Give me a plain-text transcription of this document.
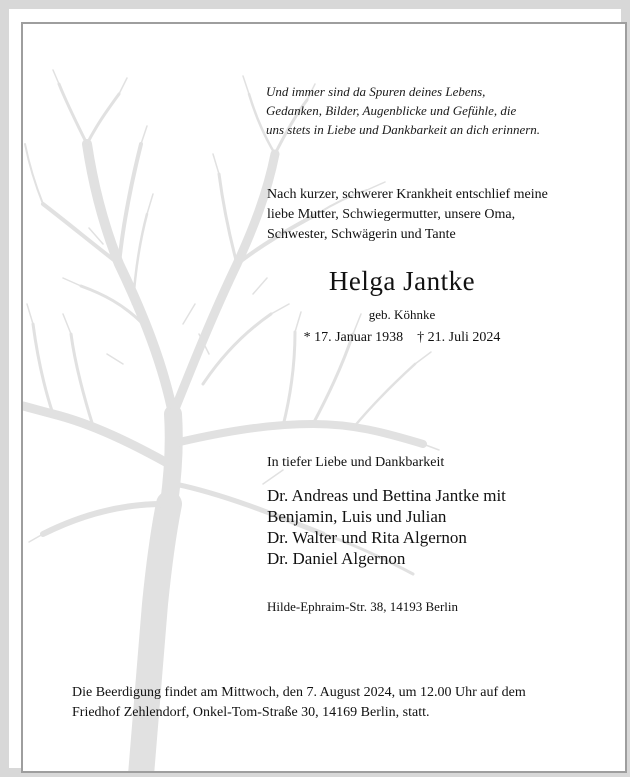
Und immer sind da Spuren deines Lebens,
Gedanken, Bilder, Augenblicke und Gefühle, die
uns stets in Liebe und Dankbarkeit an dich erinnern.
Nach kurzer, schwerer Krankheit entschlief meine
liebe Mutter, Schwiegermutter, unsere Oma,
Schwester, Schwägerin und Tante
Helga Jantke
geb. Köhnke
* 17. Januar 1938 † 21. Juli 2024
In tiefer Liebe und Dankbarkeit
Dr. Andreas und Bettina Jantke mit
Benjamin, Luis und Julian
Dr. Walter und Rita Algernon
Dr. Daniel Algernon
Hilde-Ephraim-Str. 38, 14193 Berlin
Die Beerdigung findet am Mittwoch, den 7. August 2024, um 12.00 Uhr auf dem
Friedhof Zehlendorf, Onkel-Tom-Straße 30, 14169 Berlin, statt.
